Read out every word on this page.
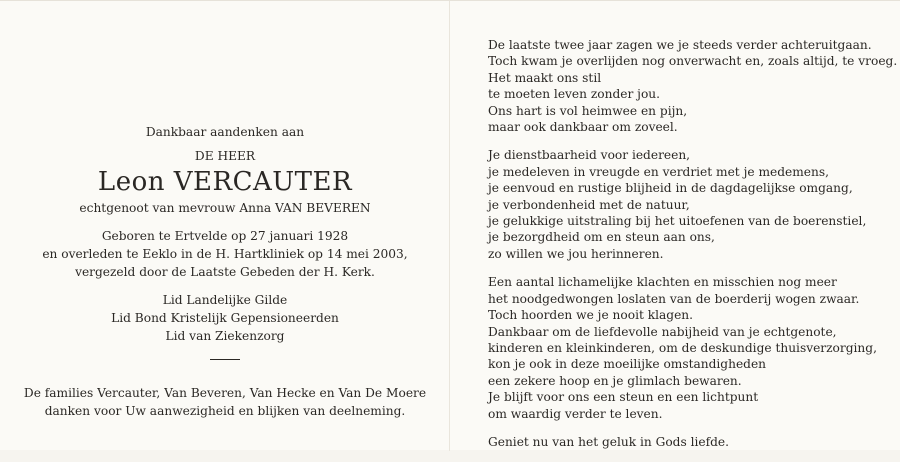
Dankbaar aandenken aan
DE HEER
Leon VERCAUTER
echtgenoot van mevrouw Anna VAN BEVEREN
Geboren te Ertvelde op 27 januari 1928
en overleden te Eeklo in de H. Hartkliniek op 14 mei 2003,
vergezeld door de Laatste Gebeden der H. Kerk.
Lid Landelijke Gilde
Lid Bond Kristelijk Gepensioneerden
Lid van Ziekenzorg
De families Vercauter, Van Beveren, Van Hecke en Van De Moere
danken voor Uw aanwezigheid en blijken van deelneming.
De laatste twee jaar zagen we je steeds verder achteruitgaan.
Toch kwam je overlijden nog onverwacht en, zoals altijd, te vroeg.
Het maakt ons stil
te moeten leven zonder jou.
Ons hart is vol heimwee en pijn,
maar ook dankbaar om zoveel.
Je dienstbaarheid voor iedereen,
je medeleven in vreugde en verdriet met je medemens,
je eenvoud en rustige blijheid in de dagdagelijkse omgang,
je verbondenheid met de natuur,
je gelukkige uitstraling bij het uitoefenen van de boerenstiel,
je bezorgdheid om en steun aan ons,
zo willen we jou herinneren.
Een aantal lichamelijke klachten en misschien nog meer
het noodgedwongen loslaten van de boerderij wogen zwaar.
Toch hoorden we je nooit klagen.
Dankbaar om de liefdevolle nabijheid van je echtgenote,
kinderen en kleinkinderen, om de deskundige thuisverzorging,
kon je ook in deze moeilijke omstandigheden
een zekere hoop en je glimlach bewaren.
Je blijft voor ons een steun en een lichtpunt
om waardig verder te leven.
Geniet nu van het geluk in Gods liefde.
